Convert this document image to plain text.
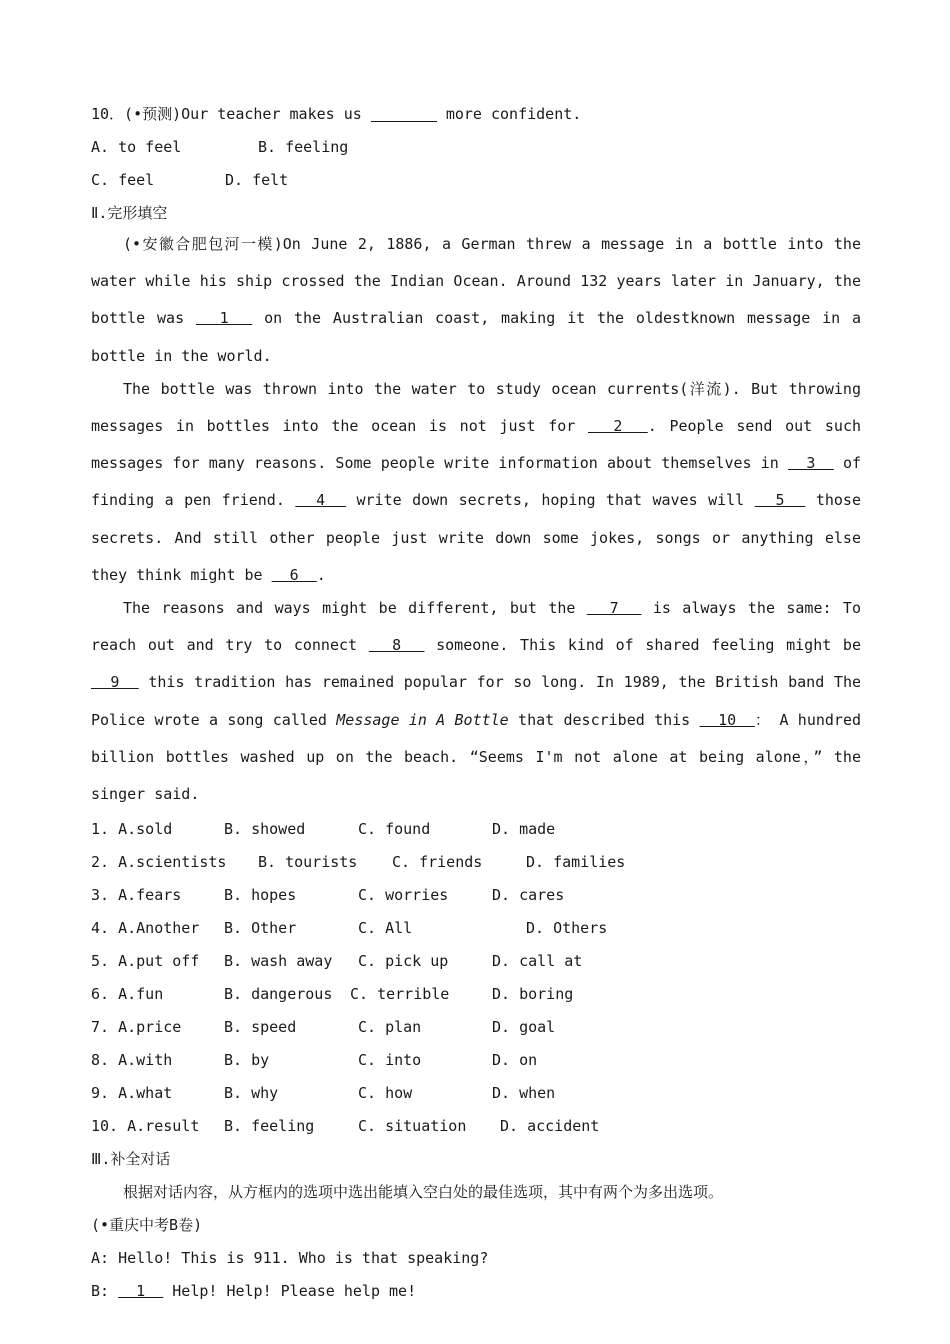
10．(•预测)Our teacher makes us	more confident.
A. to feel	B. feeling
C. feel	D. felt
Ⅱ.完形填空
(•安徽合肥包河一模)On June 2, 1886, a German threw a message in a bottle into the water while his ship crossed the Indian Ocean. Around 132 years later in January, the bottle was   1   on the Australian coast, making it the oldestknown message in a bottle in the world.
The bottle was thrown into the water to study ocean currents(洋流). But throwing messages in bottles into the ocean is not just for   2  . People send out such messages for many reasons. Some people write information about themselves in   3   of finding a pen friend.   4   write down secrets, hoping that waves will   5   those secrets. And still other people just write down some jokes, songs or anything else they think might be   6  .
The reasons and ways might be different, but the   7   is always the same: To reach out and try to connect   8   someone. This kind of shared feeling might be   9   this tradition has remained popular for so long. In 1989, the British band The Police wrote a song called Message in A Bottle that described this   10  ： A hundred billion bottles washed up on the beach. “Seems I'm not alone at being alone，” the singer said.
1. A.sold	B. showed	C. found	D. made
2. A.scientists	B. tourists	C. friends	D. families
3. A.fears	B. hopes	C. worries	D. cares
4. A.Another	B. Other	C. All	D. Others
5. A.put off	B. wash away	C. pick up	D. call at
6. A.fun	B. dangerous	C. terrible	D. boring
7. A.price	B. speed	C. plan	D. goal
8. A.with	B. by	C. into	D. on
9. A.what	B. why	C. how	D. when
10. A.result	B. feeling	C. situation	D. accident
Ⅲ.补全对话
根据对话内容，从方框内的选项中选出能填入空白处的最佳选项，其中有两个为多出选项。
(•重庆中考B卷)
A: Hello! This is 911. Who is that speaking?
B:   1   Help! Help! Please help me!
